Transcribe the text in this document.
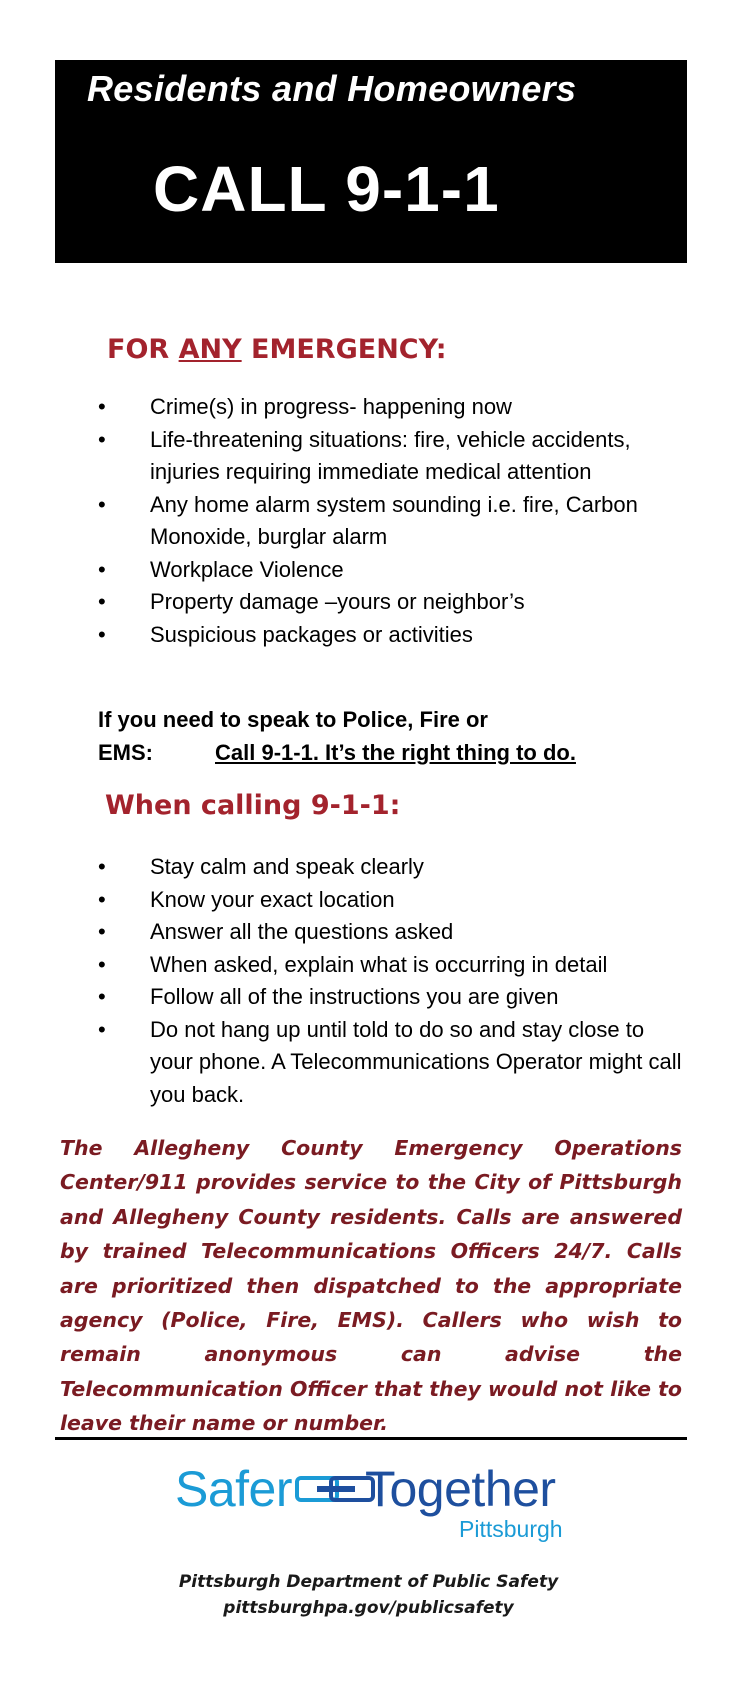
Residents and Homeowners
CALL 9-1-1
FOR ANY EMERGENCY:
• Crime(s) in progress- happening now
• Life-threatening situations: fire, vehicle accidents, injuries requiring immediate medical attention
• Any home alarm system sounding i.e. fire, Carbon Monoxide, burglar alarm
• Workplace Violence
• Property damage –yours or neighbor’s
• Suspicious packages or activities
If you need to speak to Police, Fire or
EMS:	Call 9-1-1. It’s the right thing to do.
When calling 9-1-1:
• Stay calm and speak clearly
• Know your exact location
• Answer all the questions asked
• When asked, explain what is occurring in detail
• Follow all of the instructions you are given
• Do not hang up until told to do so and stay close to your phone. A Telecommunications Operator might call you back.
The Allegheny County Emergency Operations Center/911 provides service to the City of Pittsburgh and Allegheny County residents. Calls are answered by trained Telecommunications Officers 24/7. Calls are prioritized then dispatched to the appropriate agency (Police, Fire, EMS). Callers who wish to remain anonymous can advise the Telecommunication Officer that they would not like to leave their name or number.
Safer Together
Pittsburgh
Pittsburgh Department of Public Safety
pittsburghpa.gov/publicsafety
